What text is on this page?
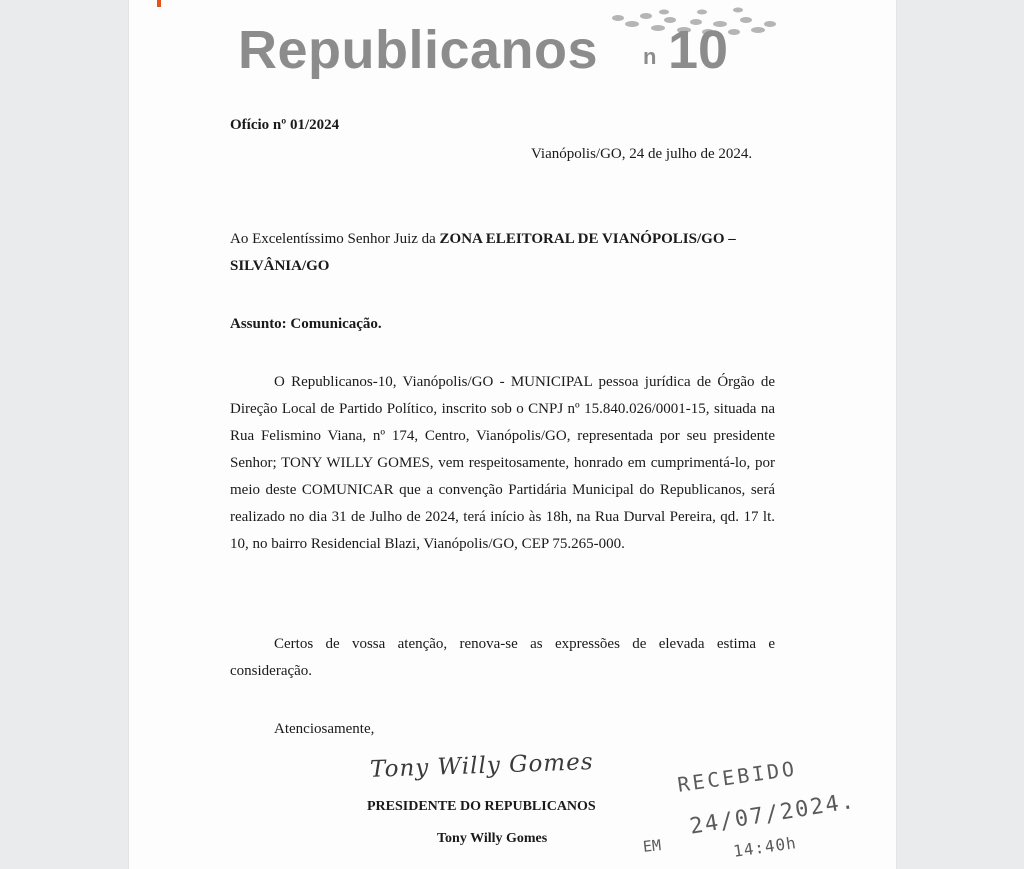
Republicanos n 10
Ofício nº 01/2024
Vianópolis/GO, 24 de julho de 2024.
Ao Excelentíssimo Senhor Juiz da ZONA ELEITORAL DE VIANÓPOLIS/GO – SILVÂNIA/GO
Assunto: Comunicação.
O Republicanos-10, Vianópolis/GO - MUNICIPAL pessoa jurídica de Órgão de Direção Local de Partido Político, inscrito sob o CNPJ nº 15.840.026/0001-15, situada na Rua Felismino Viana, nº 174, Centro, Vianópolis/GO, representada por seu presidente Senhor; TONY WILLY GOMES, vem respeitosamente, honrado em cumprimentá-lo, por meio deste COMUNICAR que a convenção Partidária Municipal do Republicanos, será realizado no dia 31 de Julho de 2024, terá início às 18h, na Rua Durval Pereira, qd. 17 lt. 10, no bairro Residencial Blazi, Vianópolis/GO, CEP 75.265-000.
Certos de vossa atenção, renova-se as expressões de elevada estima e consideração.
Atenciosamente,
Tony Willy Gomes
PRESIDENTE DO REPUBLICANOS
Tony Willy Gomes
RECEBIDO
EM
24/07/2024.
14:40h
